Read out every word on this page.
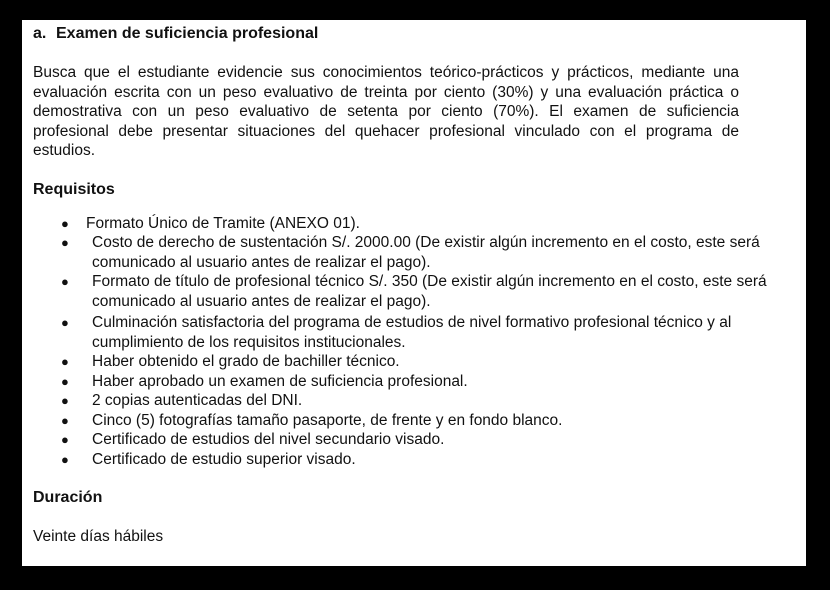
a. Examen de suficiencia profesional

Busca que el estudiante evidencie sus conocimientos teórico-prácticos y prácticos, mediante una evaluación escrita con un peso evaluativo de treinta por ciento (30%) y una evaluación práctica o demostrativa con un peso evaluativo de setenta por ciento (70%). El examen de suficiencia profesional debe presentar situaciones del quehacer profesional vinculado con el programa de estudios.

Requisitos

● Formato Único de Tramite (ANEXO 01).
● Costo de derecho de sustentación S/. 2000.00 (De existir algún incremento en el costo, este será comunicado al usuario antes de realizar el pago).
● Formato de título de profesional técnico S/. 350 (De existir algún incremento en el costo, este será comunicado al usuario antes de realizar el pago).
● Culminación satisfactoria del programa de estudios de nivel formativo profesional técnico y al cumplimiento de los requisitos institucionales.
● Haber obtenido el grado de bachiller técnico.
● Haber aprobado un examen de suficiencia profesional.
● 2 copias autenticadas del DNI.
● Cinco (5) fotografías tamaño pasaporte, de frente y en fondo blanco.
● Certificado de estudios del nivel secundario visado.
● Certificado de estudio superior visado.

Duración

Veinte días hábiles
